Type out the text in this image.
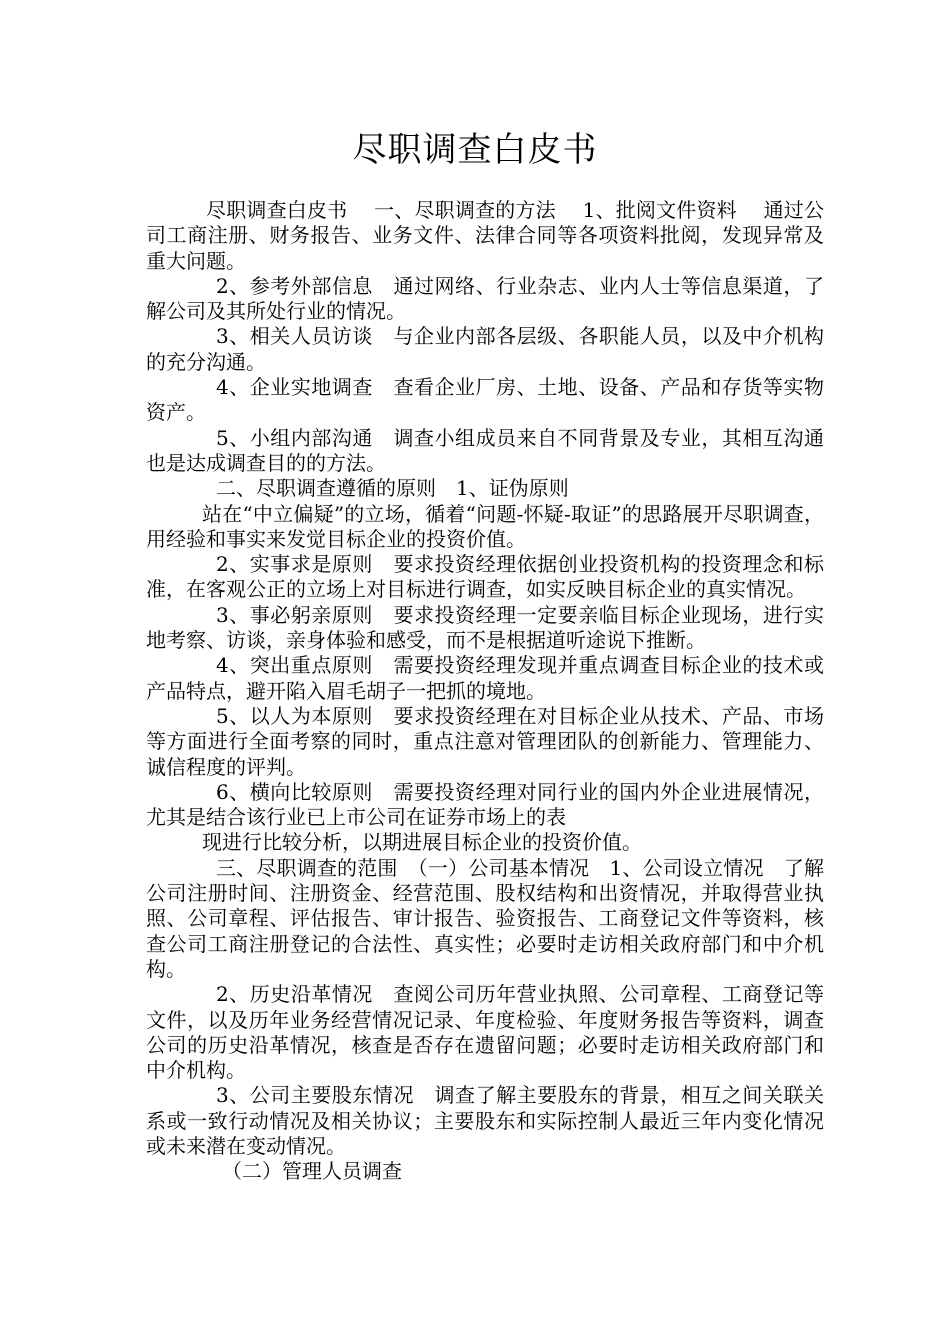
尽职调查白皮书

尽职调查白皮书　 一、尽职调查的方法　 1、批阅文件资料　 通过公司工商注册、财务报告、业务文件、法律合同等各项资料批阅，发现异常及重大问题。

2、参考外部信息　通过网络、行业杂志、业内人士等信息渠道，了解公司及其所处行业的情况。

3、相关人员访谈　与企业内部各层级、各职能人员，以及中介机构的充分沟通。

4、企业实地调查　查看企业厂房、土地、设备、产品和存货等实物资产。

5、小组内部沟通　调查小组成员来自不同背景及专业，其相互沟通也是达成调查目的的方法。

二、尽职调查遵循的原则　1、证伪原则

站在“中立偏疑”的立场，循着“问题-怀疑-取证”的思路展开尽职调查，用经验和事实来发觉目标企业的投资价值。

2、实事求是原则　要求投资经理依据创业投资机构的投资理念和标准，在客观公正的立场上对目标进行调查，如实反映目标企业的真实情况。

3、事必躬亲原则　要求投资经理一定要亲临目标企业现场，进行实地考察、访谈，亲身体验和感受，而不是根据道听途说下推断。

4、突出重点原则　需要投资经理发现并重点调查目标企业的技术或产品特点，避开陷入眉毛胡子一把抓的境地。

5、以人为本原则　要求投资经理在对目标企业从技术、产品、市场等方面进行全面考察的同时，重点注意对管理团队的创新能力、管理能力、诚信程度的评判。

6、横向比较原则　需要投资经理对同行业的国内外企业进展情况，尤其是结合该行业已上市公司在证券市场上的表

现进行比较分析，以期进展目标企业的投资价值。

三、尽职调查的范围　（一）公司基本情况　1、公司设立情况　了解公司注册时间、注册资金、经营范围、股权结构和出资情况，并取得营业执照、公司章程、评估报告、审计报告、验资报告、工商登记文件等资料，核查公司工商注册登记的合法性、真实性；必要时走访相关政府部门和中介机构。

2、历史沿革情况　查阅公司历年营业执照、公司章程、工商登记等文件，以及历年业务经营情况记录、年度检验、年度财务报告等资料，调查公司的历史沿革情况，核查是否存在遗留问题；必要时走访相关政府部门和中介机构。

3、公司主要股东情况　调查了解主要股东的背景，相互之间关联关系或一致行动情况及相关协议；主要股东和实际控制人最近三年内变化情况或未来潜在变动情况。

（二）管理人员调查
